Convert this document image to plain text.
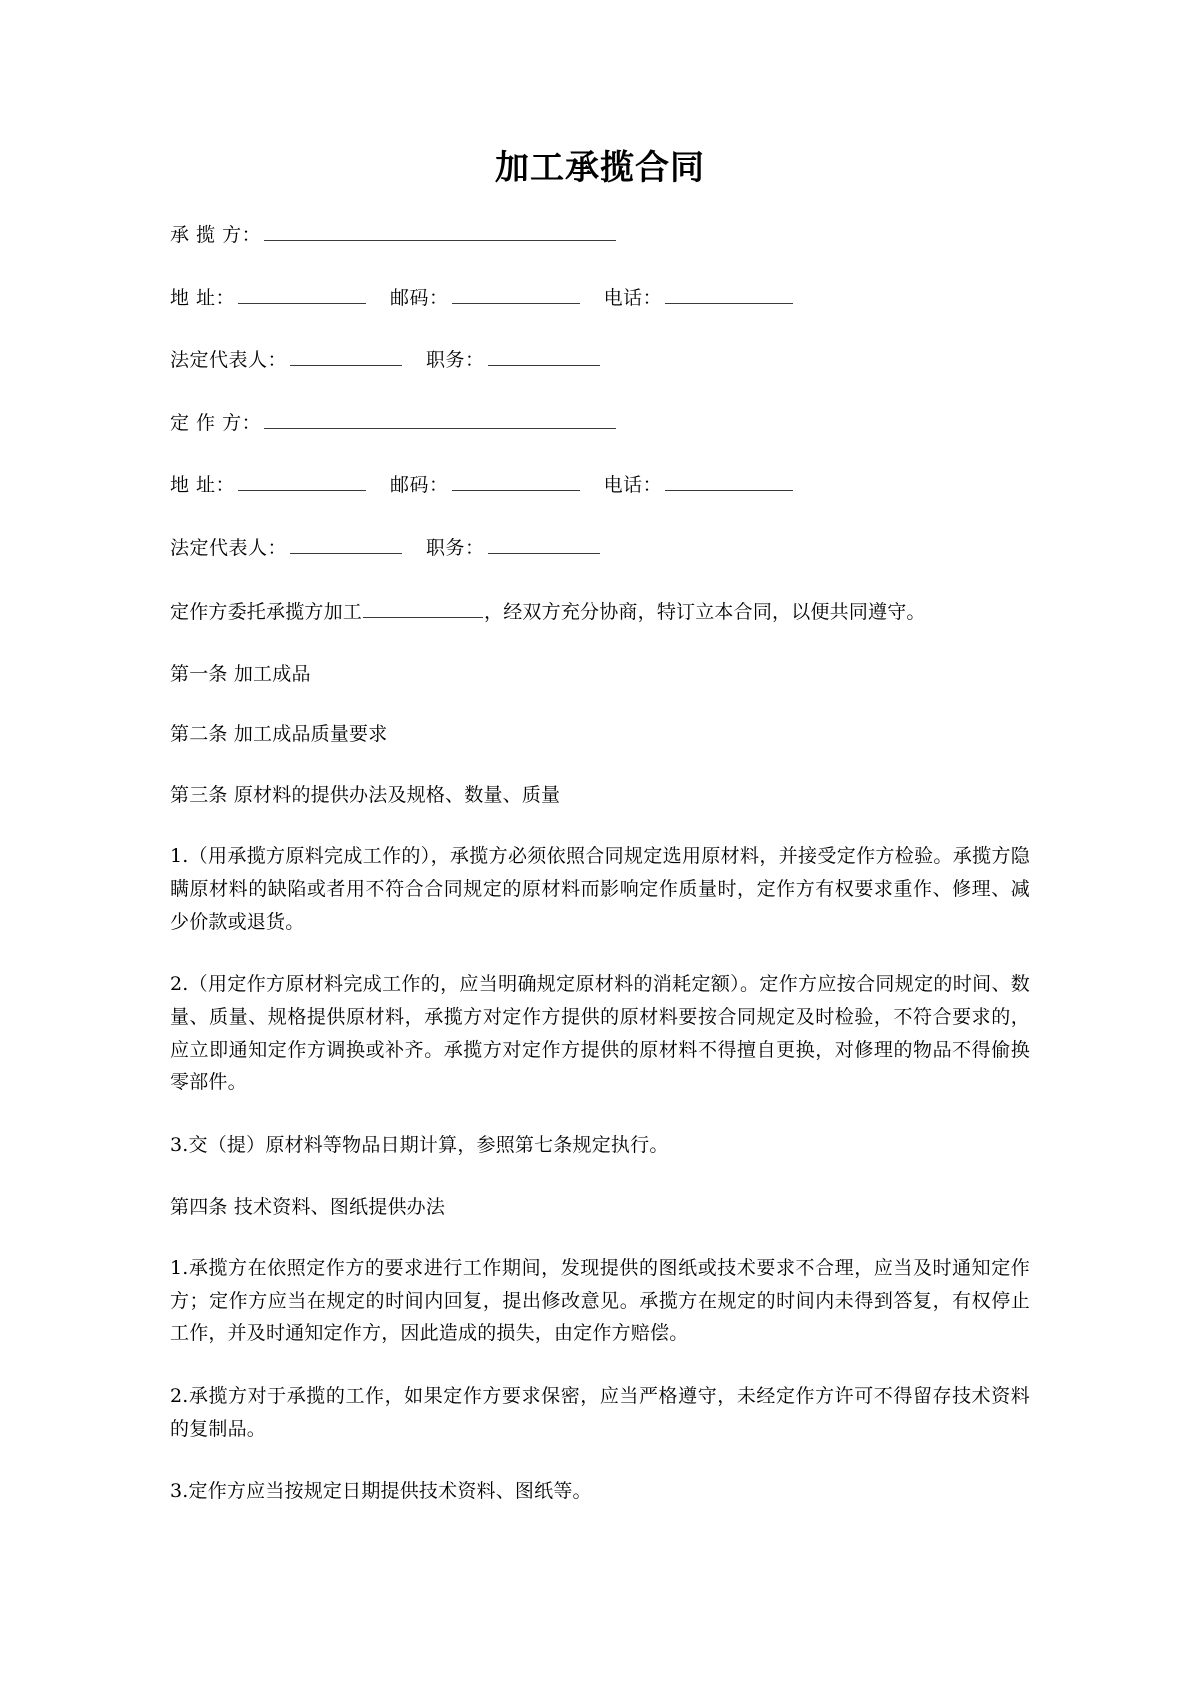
加工承揽合同
承 揽 方：
地 址：	邮码：	电话：
法定代表人：	职务：
定 作 方：
地 址：	邮码：	电话：
法定代表人：	职务：

定作方委托承揽方加工	，经双方充分协商，特订立本合同，以便共同遵守。

第一条 加工成品

第二条 加工成品质量要求

第三条 原材料的提供办法及规格、数量、质量

1.（用承揽方原料完成工作的），承揽方必须依照合同规定选用原材料，并接受定作方检验。承揽方隐瞒原材料的缺陷或者用不符合合同规定的原材料而影响定作质量时，定作方有权要求重作、修理、减少价款或退货。

2.（用定作方原材料完成工作的，应当明确规定原材料的消耗定额）。定作方应按合同规定的时间、数量、质量、规格提供原材料，承揽方对定作方提供的原材料要按合同规定及时检验，不符合要求的，应立即通知定作方调换或补齐。承揽方对定作方提供的原材料不得擅自更换，对修理的物品不得偷换零部件。

3.交（提）原材料等物品日期计算，参照第七条规定执行。

第四条 技术资料、图纸提供办法

1.承揽方在依照定作方的要求进行工作期间，发现提供的图纸或技术要求不合理，应当及时通知定作方；定作方应当在规定的时间内回复，提出修改意见。承揽方在规定的时间内未得到答复，有权停止工作，并及时通知定作方，因此造成的损失，由定作方赔偿。

2.承揽方对于承揽的工作，如果定作方要求保密，应当严格遵守，未经定作方许可不得留存技术资料的复制品。

3.定作方应当按规定日期提供技术资料、图纸等。
